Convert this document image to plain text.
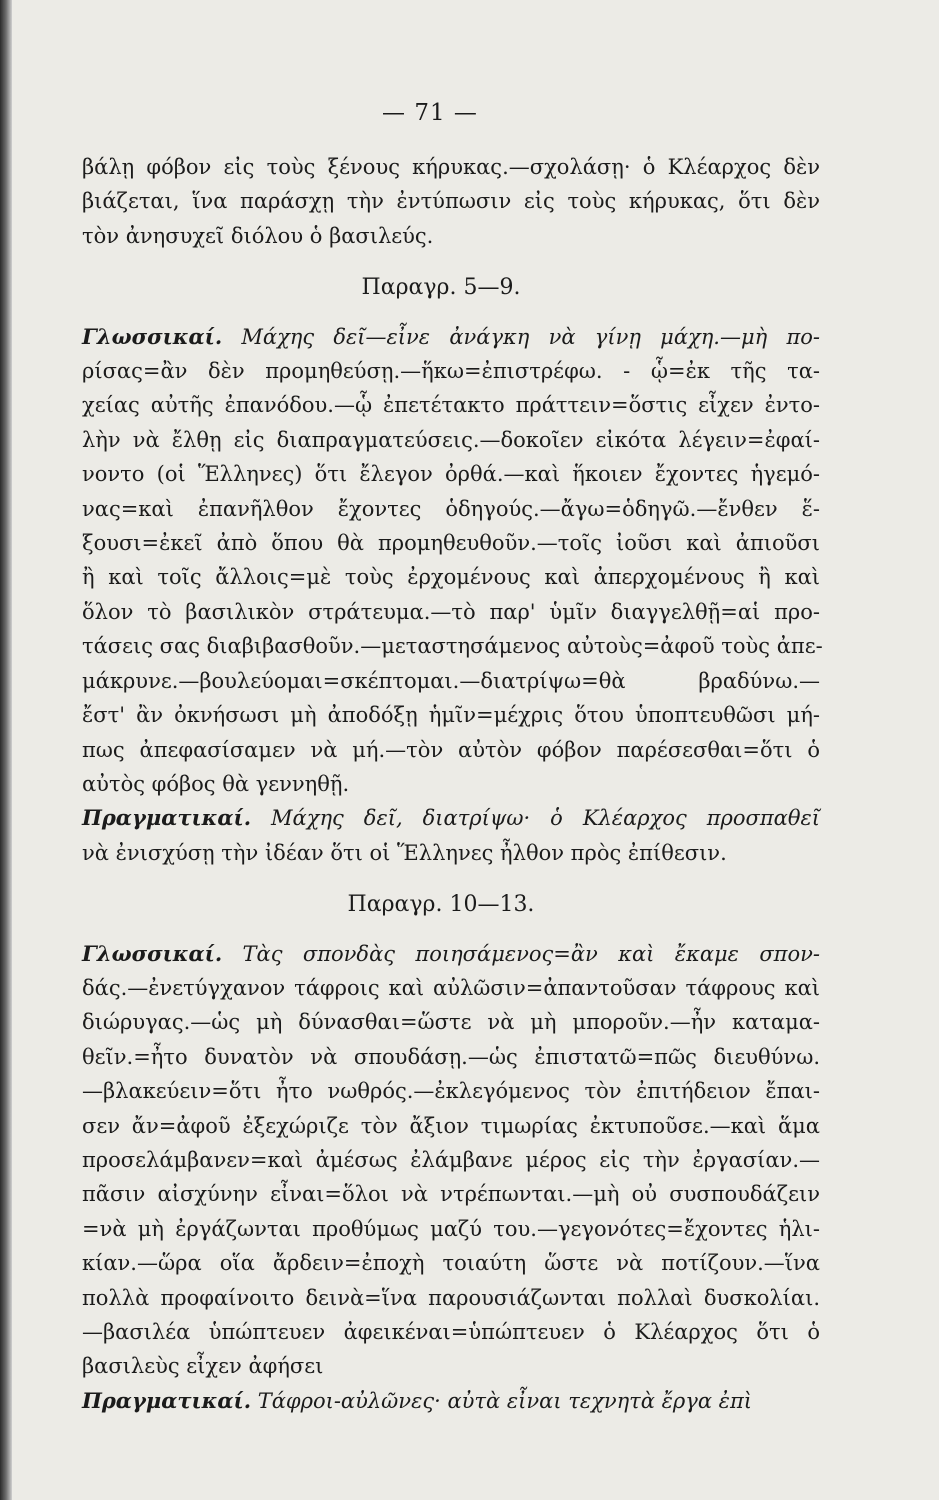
— 71 —
βάλῃ φόβον εἰς τοὺς ξένους κήρυκας.—σχολάσῃ· ὁ Κλέαρχος δὲν
βιάζεται, ἵνα παράσχῃ τὴν ἐντύπωσιν εἰς τοὺς κήρυκας, ὅτι δὲν
τὸν ἀνησυχεῖ διόλου ὁ βασιλεύς.
Παραγρ. 5—9.
Γλωσσικαί. Μάχης δεῖ—εἶνε ἀνάγκη νὰ γίνῃ μάχη.—μὴ πο-
ρίσας=ἂν δὲν προμηθεύσῃ.—ἥκω=ἐπιστρέφω. - ᾧ=ἐκ τῆς τα-
χείας αὐτῆς ἐπανόδου.—ᾧ ἐπετέτακτο πράττειν=ὅστις εἶχεν ἐντο-
λὴν νὰ ἔλθῃ εἰς διαπραγματεύσεις.—δοκοῖεν εἰκότα λέγειν=ἐφαί-
νοντο (οἱ Ἕλληνες) ὅτι ἔλεγον ὀρθά.—καὶ ἥκοιεν ἔχοντες ἡγεμό-
νας=καὶ ἐπανῆλθον ἔχοντες ὁδηγούς.—ἄγω=ὁδηγῶ.—ἔνθεν ἕ-
ξουσι=ἐκεῖ ἀπὸ ὅπου θὰ προμηθευθοῦν.—τοῖς ἰοῦσι καὶ ἀπιοῦσι
ἢ καὶ τοῖς ἄλλοις=μὲ τοὺς ἐρχομένους καὶ ἀπερχομένους ἢ καὶ
ὅλον τὸ βασιλικὸν στράτευμα.—τὸ παρ' ὑμῖν διαγγελθῇ=αἱ προ-
τάσεις σας διαβιβασθοῦν.—μεταστησάμενος αὐτοὺς=ἀφοῦ τοὺς ἀπε-
μάκρυνε.—βουλεύομαι=σκέπτομαι.—διατρίψω=θὰ βραδύνω.—
ἔστ' ἂν ὀκνήσωσι μὴ ἀποδόξῃ ἡμῖν=μέχρις ὅτου ὑποπτευθῶσι μή-
πως ἀπεφασίσαμεν νὰ μή.—τὸν αὐτὸν φόβον παρέσεσθαι=ὅτι ὁ
αὐτὸς φόβος θὰ γεννηθῇ.
Πραγματικαί. Μάχης δεῖ, διατρίψω· ὁ Κλέαρχος προσπαθεῖ
νὰ ἐνισχύσῃ τὴν ἰδέαν ὅτι οἱ Ἕλληνες ἦλθον πρὸς ἐπίθεσιν.
Παραγρ. 10—13.
Γλωσσικαί. Τὰς σπονδὰς ποιησάμενος=ἂν καὶ ἔκαμε σπον-
δάς.—ἐνετύγχανον τάφροις καὶ αὐλῶσιν=ἀπαντοῦσαν τάφρους καὶ
διώρυγας.—ὡς μὴ δύνασθαι=ὥστε νὰ μὴ μποροῦν.—ἦν καταμα-
θεῖν.=ἦτο δυνατὸν νὰ σπουδάσῃ.—ὡς ἐπιστατῶ=πῶς διευθύνω.
—βλακεύειν=ὅτι ἦτο νωθρός.—ἐκλεγόμενος τὸν ἐπιτήδειον ἔπαι-
σεν ἄν=ἀφοῦ ἐξεχώριζε τὸν ἄξιον τιμωρίας ἐκτυποῦσε.—καὶ ἅμα
προσελάμβανεν=καὶ ἀμέσως ἐλάμβανε μέρος εἰς τὴν ἐργασίαν.—
πᾶσιν αἰσχύνην εἶναι=ὅλοι νὰ ντρέπωνται.—μὴ οὐ συσπουδάζειν
=νὰ μὴ ἐργάζωνται προθύμως μαζύ του.—γεγονότες=ἔχοντες ἡλι-
κίαν.—ὥρα οἵα ἄρδειν=ἐποχὴ τοιαύτη ὥστε νὰ ποτίζουν.—ἵνα
πολλὰ προφαίνοιτο δεινὰ=ἵνα παρουσιάζωνται πολλαὶ δυσκολίαι.
—βασιλέα ὑπώπτευεν ἀφεικέναι=ὑπώπτευεν ὁ Κλέαρχος ὅτι ὁ
βασιλεὺς εἶχεν ἀφήσει
Πραγματικαί. Τάφροι-αὐλῶνες· αὐτὰ εἶναι τεχνητὰ ἔργα ἐπὶ
